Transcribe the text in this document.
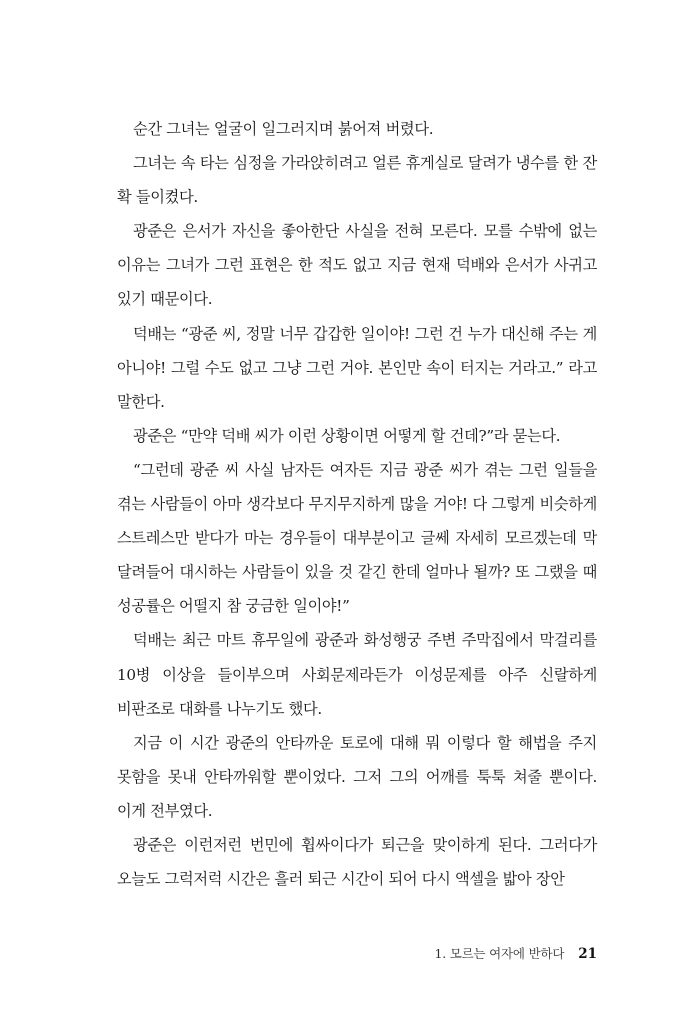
순간 그녀는 얼굴이 일그러지며 붉어져 버렸다.

그녀는 속 타는 심정을 가라앉히려고 얼른 휴게실로 달려가 냉수를 한 잔 확 들이켰다.

광준은 은서가 자신을 좋아한단 사실을 전혀 모른다. 모를 수밖에 없는 이유는 그녀가 그런 표현은 한 적도 없고 지금 현재 덕배와 은서가 사귀고 있기 때문이다.

덕배는 “광준 씨, 정말 너무 갑갑한 일이야! 그런 건 누가 대신해 주는 게 아니야! 그럴 수도 없고 그냥 그런 거야. 본인만 속이 터지는 거라고.” 라고 말한다.

광준은 “만약 덕배 씨가 이런 상황이면 어떻게 할 건데?”라 묻는다.

“그런데 광준 씨 사실 남자든 여자든 지금 광준 씨가 겪는 그런 일들을 겪는 사람들이 아마 생각보다 무지무지하게 많을 거야! 다 그렇게 비슷하게 스트레스만 받다가 마는 경우들이 대부분이고 글쎄 자세히 모르겠는데 막 달려들어 대시하는 사람들이 있을 것 같긴 한데 얼마나 될까? 또 그랬을 때 성공률은 어떨지 참 궁금한 일이야!”

덕배는 최근 마트 휴무일에 광준과 화성행궁 주변 주막집에서 막걸리를 10병 이상을 들이부으며 사회문제라든가 이성문제를 아주 신랄하게 비판조로 대화를 나누기도 했다.

지금 이 시간 광준의 안타까운 토로에 대해 뭐 이렇다 할 해법을 주지 못함을 못내 안타까워할 뿐이었다. 그저 그의 어깨를 툭툭 쳐줄 뿐이다. 이게 전부였다.

광준은 이런저런 번민에 휩싸이다가 퇴근을 맞이하게 된다. 그러다가 오늘도 그럭저럭 시간은 흘러 퇴근 시간이 되어 다시 액셀을 밟아 장안

1. 모르는 여자에 반하다 21
